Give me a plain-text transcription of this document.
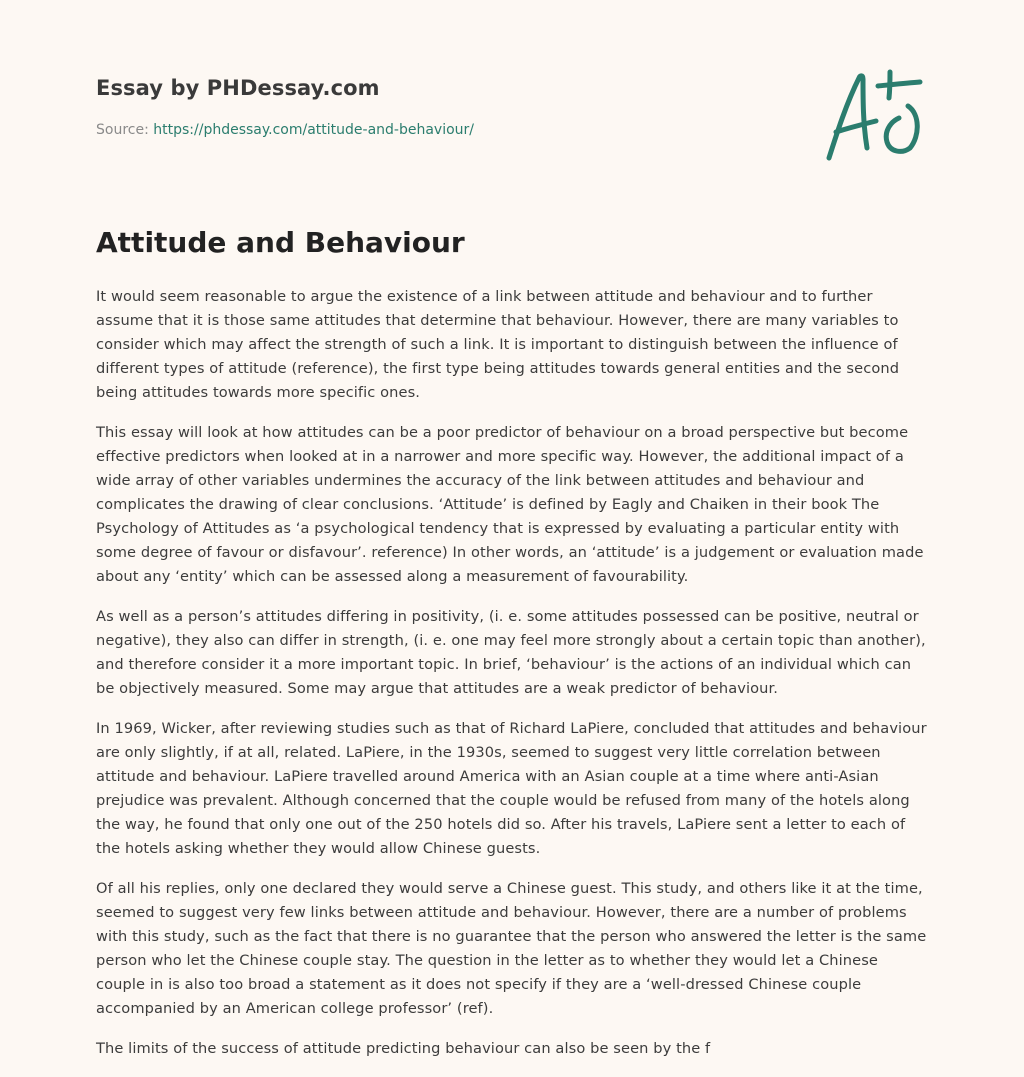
Essay by PHDessay.com
Source: https://phdessay.com/attitude-and-behaviour/
Attitude and Behaviour

It would seem reasonable to argue the existence of a link between attitude and behaviour and to further assume that it is those same attitudes that determine that behaviour. However, there are many variables to consider which may affect the strength of such a link. It is important to distinguish between the influence of different types of attitude (reference), the first type being attitudes towards general entities and the second being attitudes towards more specific ones.

This essay will look at how attitudes can be a poor predictor of behaviour on a broad perspective but become effective predictors when looked at in a narrower and more specific way. However, the additional impact of a wide array of other variables undermines the accuracy of the link between attitudes and behaviour and complicates the drawing of clear conclusions. ‘Attitude’ is defined by Eagly and Chaiken in their book The Psychology of Attitudes as ‘a psychological tendency that is expressed by evaluating a particular entity with some degree of favour or disfavour’. reference) In other words, an ‘attitude’ is a judgement or evaluation made about any ‘entity’ which can be assessed along a measurement of favourability.

As well as a person’s attitudes differing in positivity, (i. e. some attitudes possessed can be positive, neutral or negative), they also can differ in strength, (i. e. one may feel more strongly about a certain topic than another), and therefore consider it a more important topic. In brief, ‘behaviour’ is the actions of an individual which can be objectively measured. Some may argue that attitudes are a weak predictor of behaviour.

In 1969, Wicker, after reviewing studies such as that of Richard LaPiere, concluded that attitudes and behaviour are only slightly, if at all, related. LaPiere, in the 1930s, seemed to suggest very little correlation between attitude and behaviour. LaPiere travelled around America with an Asian couple at a time where anti-Asian prejudice was prevalent. Although concerned that the couple would be refused from many of the hotels along the way, he found that only one out of the 250 hotels did so. After his travels, LaPiere sent a letter to each of the hotels asking whether they would allow Chinese guests.

Of all his replies, only one declared they would serve a Chinese guest. This study, and others like it at the time, seemed to suggest very few links between attitude and behaviour. However, there are a number of problems with this study, such as the fact that there is no guarantee that the person who answered the letter is the same person who let the Chinese couple stay. The question in the letter as to whether they would let a Chinese couple in is also too broad a statement as it does not specify if they are a ‘well-dressed Chinese couple accompanied by an American college professor’ (ref).

The limits of the success of attitude predicting behaviour can also be seen by the f
